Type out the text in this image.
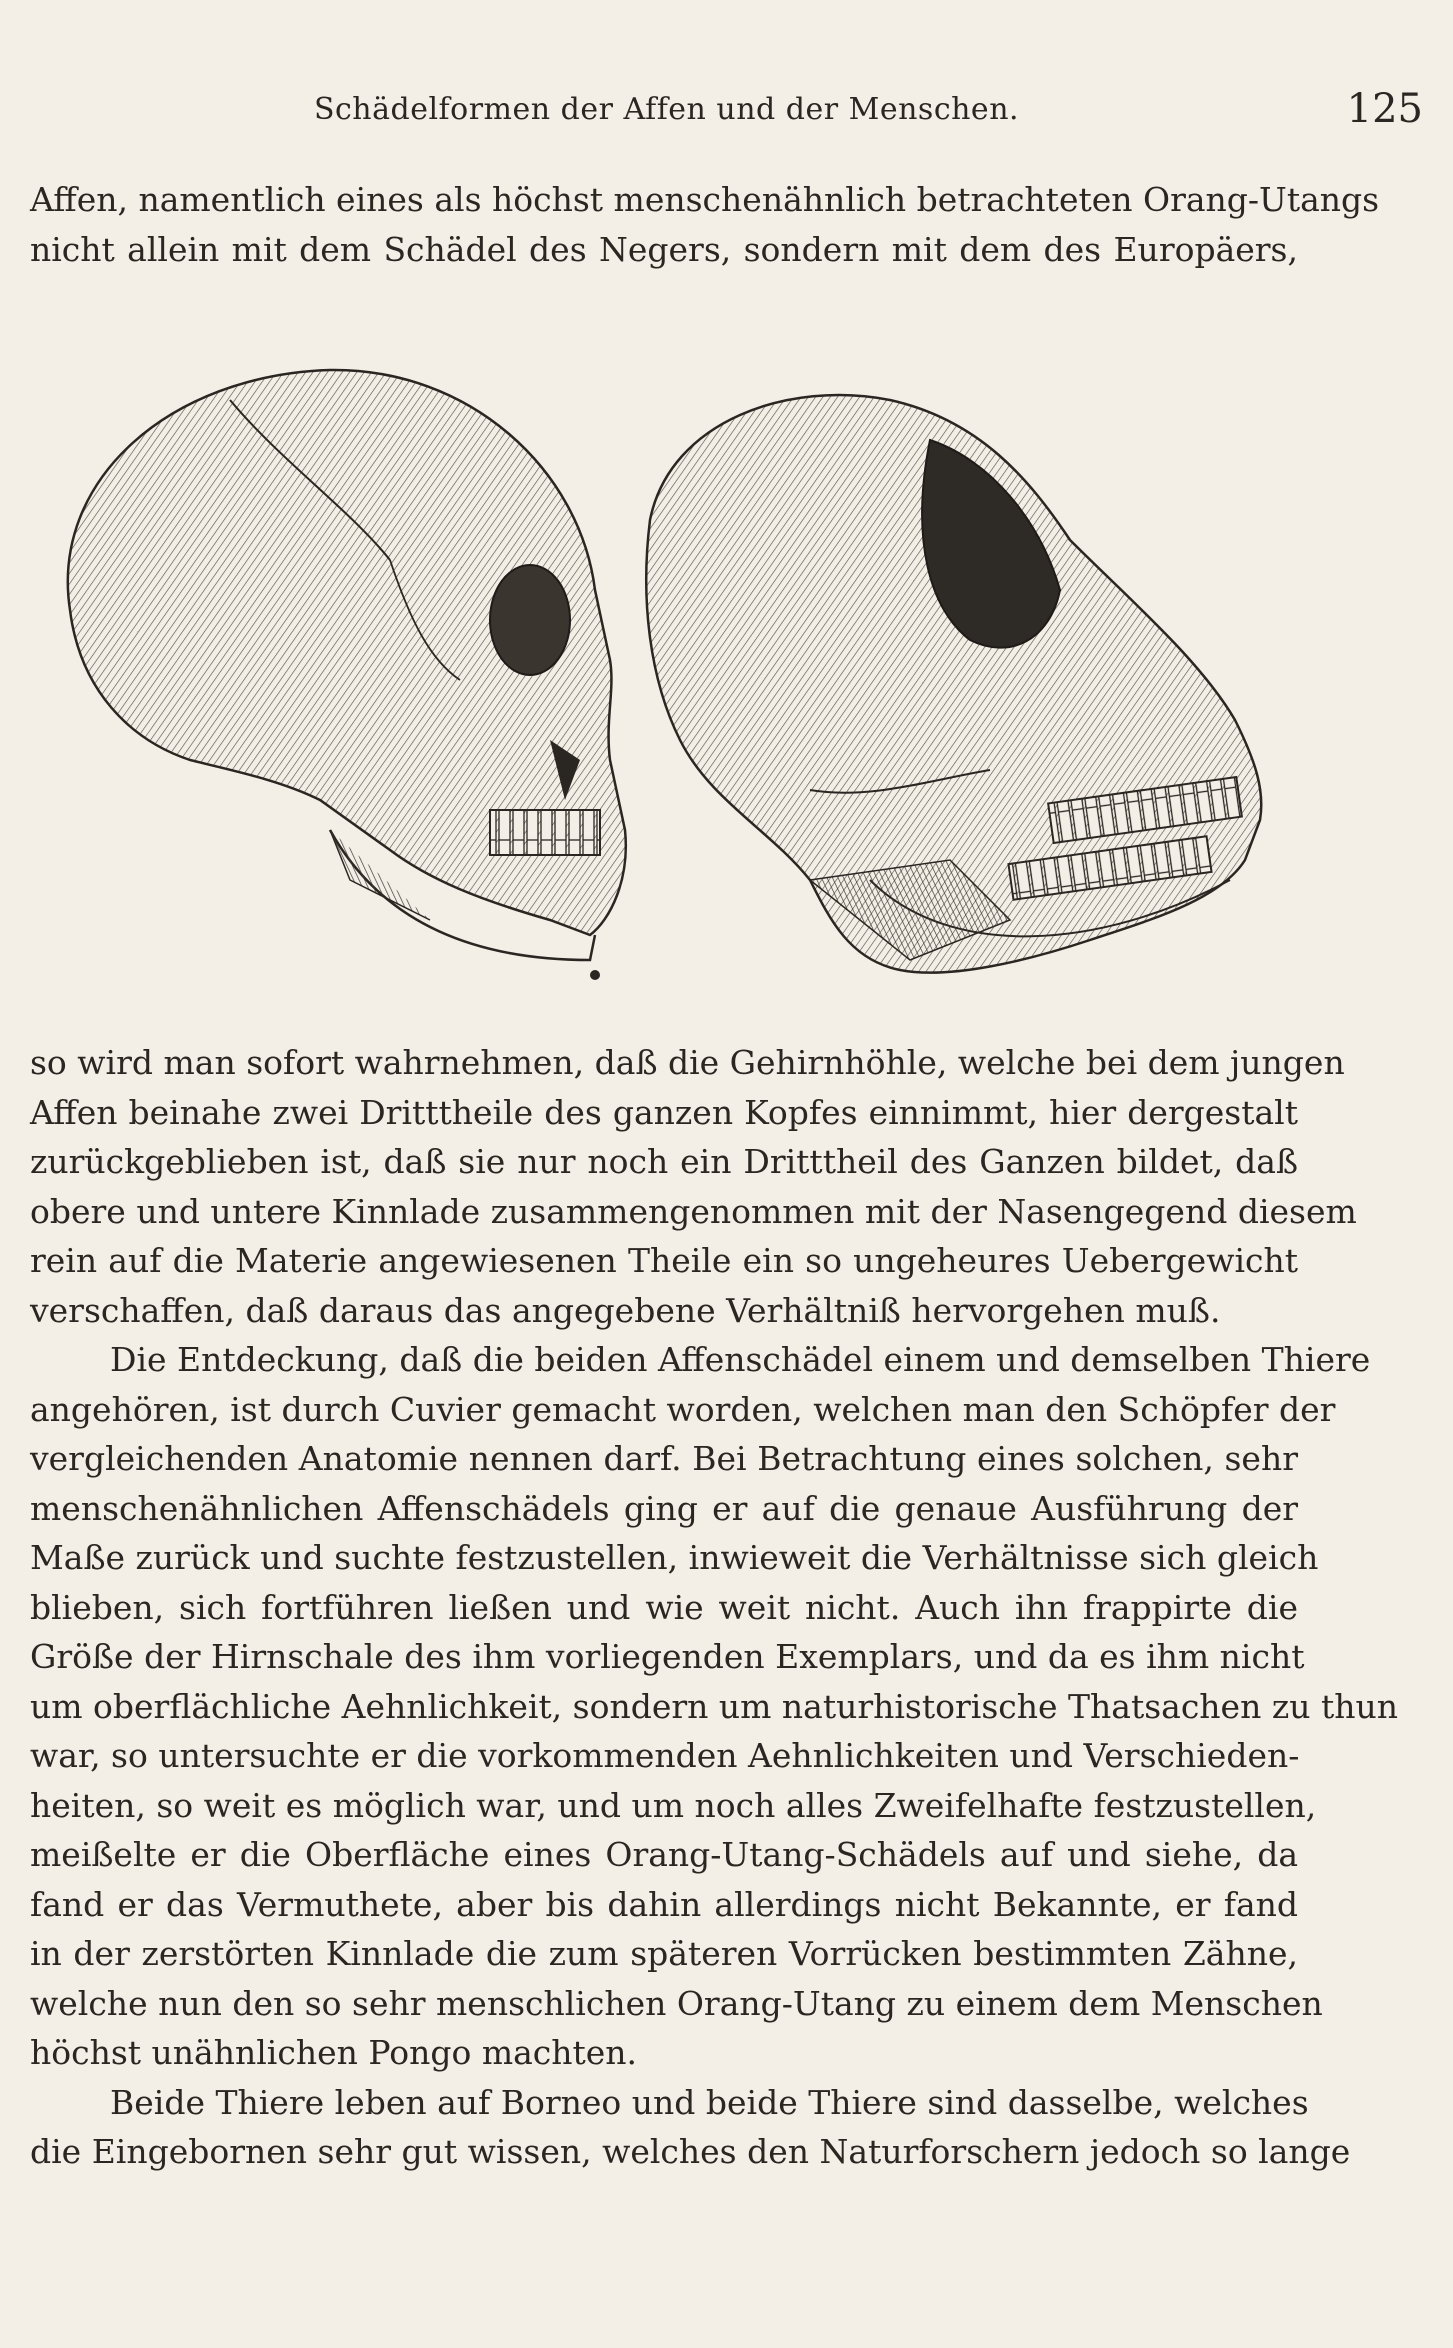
Schädelformen der Affen und der Menschen.	125
Affen, namentlich eines als höchst menschenähnlich betrachteten Orang-Utangs
nicht allein mit dem Schädel des Negers, sondern mit dem des Europäers,
so wird man sofort wahrnehmen, daß die Gehirnhöhle, welche bei dem jungen
Affen beinahe zwei Dritttheile des ganzen Kopfes einnimmt, hier dergestalt
zurückgeblieben ist, daß sie nur noch ein Dritttheil des Ganzen bildet, daß
obere und untere Kinnlade zusammengenommen mit der Nasengegend diesem
rein auf die Materie angewiesenen Theile ein so ungeheures Uebergewicht
verschaffen, daß daraus das angegebene Verhältniß hervorgehen muß.
Die Entdeckung, daß die beiden Affenschädel einem und demselben Thiere
angehören, ist durch Cuvier gemacht worden, welchen man den Schöpfer der
vergleichenden Anatomie nennen darf. Bei Betrachtung eines solchen, sehr
menschenähnlichen Affenschädels ging er auf die genaue Ausführung der
Maße zurück und suchte festzustellen, inwieweit die Verhältnisse sich gleich
blieben, sich fortführen ließen und wie weit nicht. Auch ihn frappirte die
Größe der Hirnschale des ihm vorliegenden Exemplars, und da es ihm nicht
um oberflächliche Aehnlichkeit, sondern um naturhistorische Thatsachen zu thun
war, so untersuchte er die vorkommenden Aehnlichkeiten und Verschieden-
heiten, so weit es möglich war, und um noch alles Zweifelhafte festzustellen,
meißelte er die Oberfläche eines Orang-Utang-Schädels auf und siehe, da
fand er das Vermuthete, aber bis dahin allerdings nicht Bekannte, er fand
in der zerstörten Kinnlade die zum späteren Vorrücken bestimmten Zähne,
welche nun den so sehr menschlichen Orang-Utang zu einem dem Menschen
höchst unähnlichen Pongo machten.
Beide Thiere leben auf Borneo und beide Thiere sind dasselbe, welches
die Eingebornen sehr gut wissen, welches den Naturforschern jedoch so lange
